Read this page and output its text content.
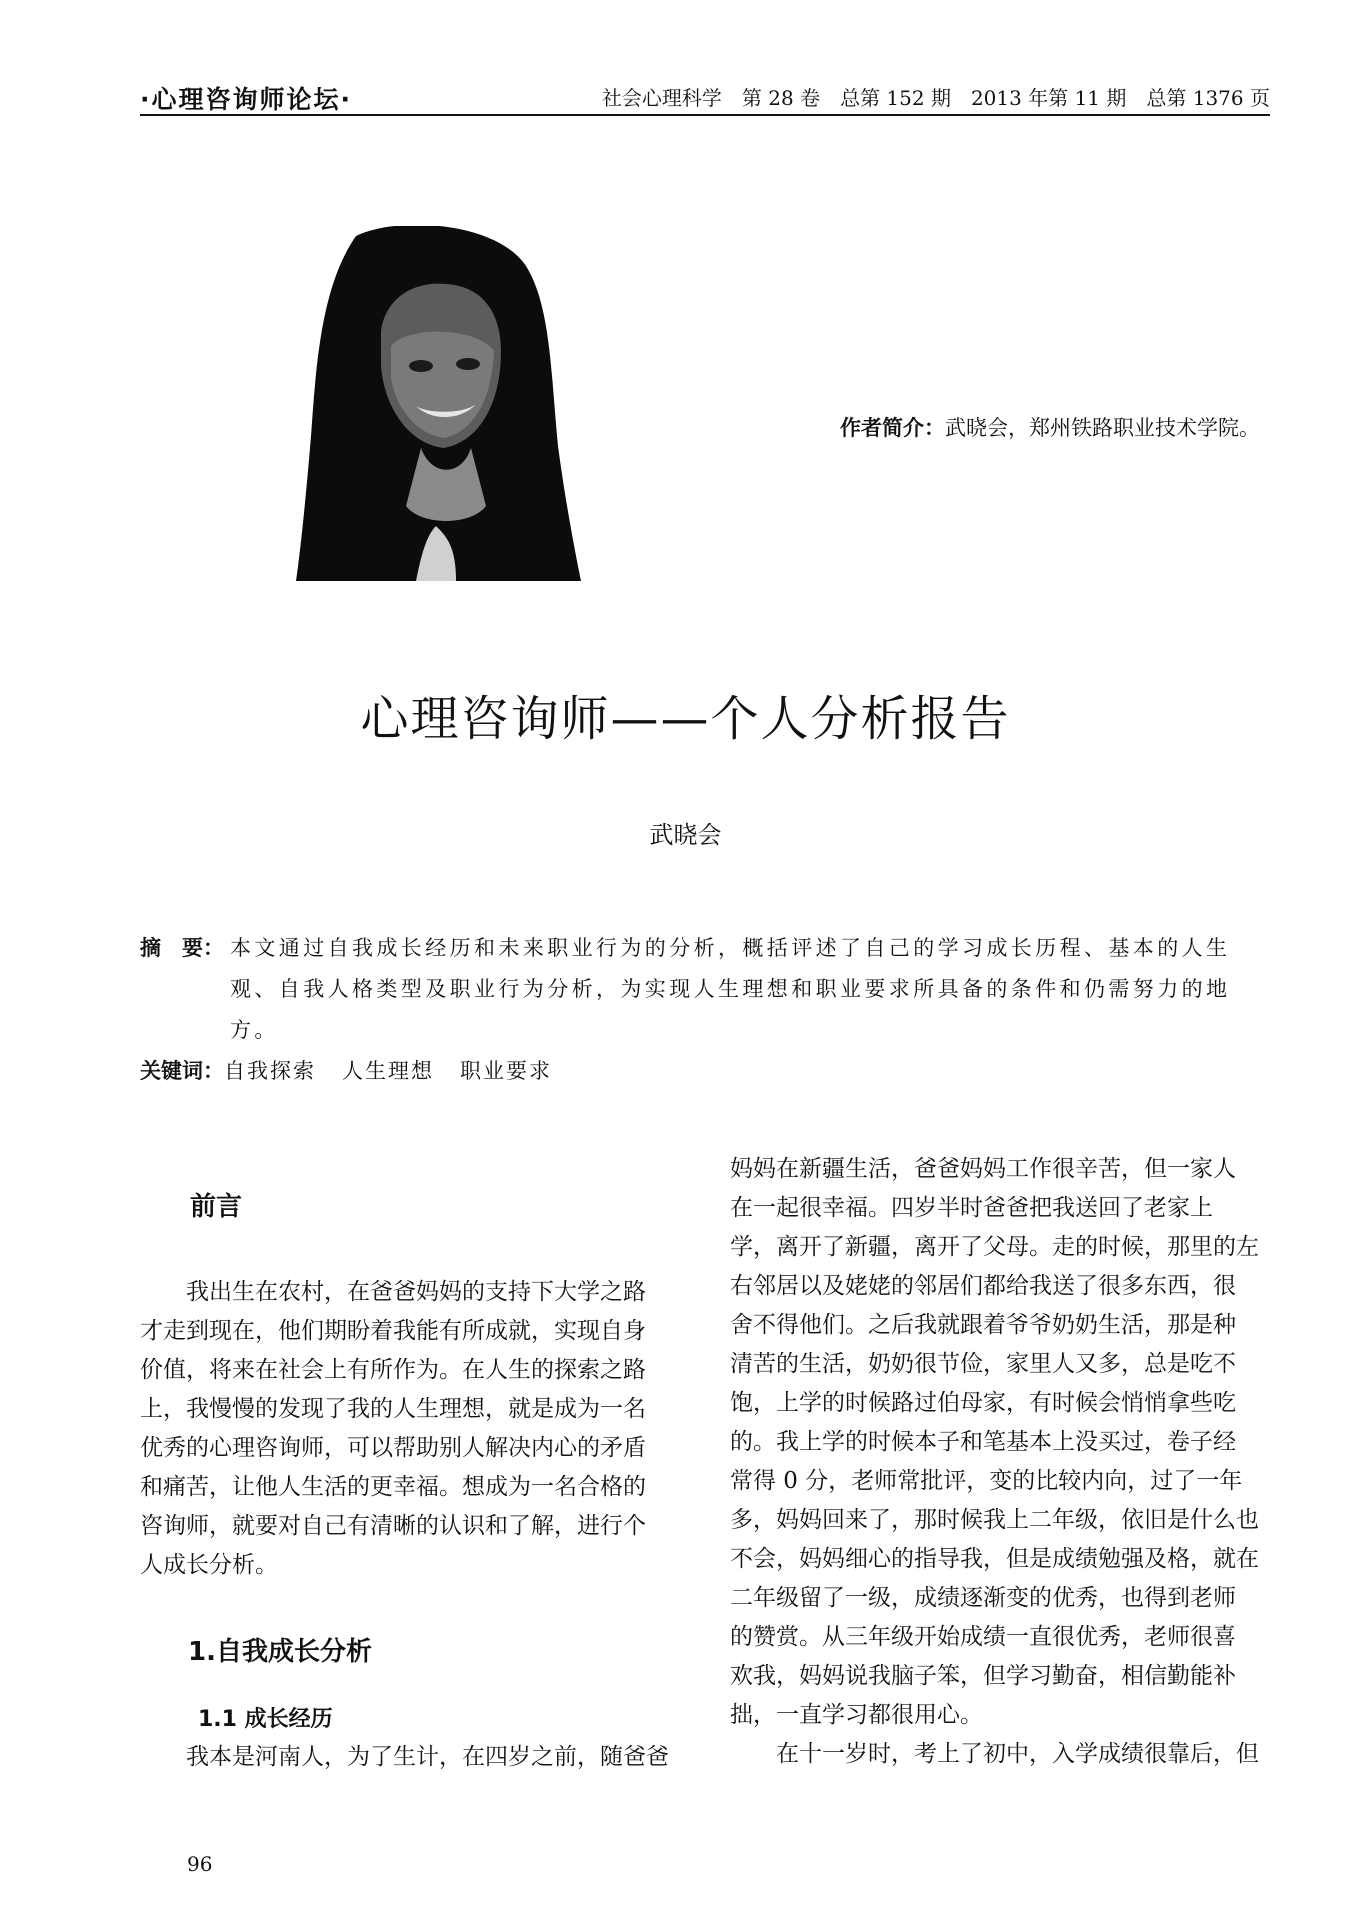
·心理咨询师论坛·	社会心理科学　第 28 卷　总第 152 期　2013 年第 11 期　总第 1376 页
作者简介：武晓会，郑州铁路职业技术学院。
心理咨询师——个人分析报告
武晓会
摘　要： 本文通过自我成长经历和未来职业行为的分析，概括评述了自己的学习成长历程、基本的人生
观、自我人格类型及职业行为分析，为实现人生理想和职业要求所具备的条件和仍需努力的地
方。
关键词：自我探索 人生理想 职业要求
前言
我出生在农村，在爸爸妈妈的支持下大学之路
才走到现在，他们期盼着我能有所成就，实现自身
价值，将来在社会上有所作为。在人生的探索之路
上，我慢慢的发现了我的人生理想，就是成为一名
优秀的心理咨询师，可以帮助别人解决内心的矛盾
和痛苦，让他人生活的更幸福。想成为一名合格的
咨询师，就要对自己有清晰的认识和了解，进行个
人成长分析。
1.自我成长分析
1.1 成长经历
我本是河南人，为了生计，在四岁之前，随爸爸
妈妈在新疆生活，爸爸妈妈工作很辛苦，但一家人
在一起很幸福。四岁半时爸爸把我送回了老家上
学，离开了新疆，离开了父母。走的时候，那里的左
右邻居以及姥姥的邻居们都给我送了很多东西，很
舍不得他们。之后我就跟着爷爷奶奶生活，那是种
清苦的生活，奶奶很节俭，家里人又多，总是吃不
饱，上学的时候路过伯母家，有时候会悄悄拿些吃
的。我上学的时候本子和笔基本上没买过，卷子经
常得 0 分，老师常批评，变的比较内向，过了一年
多，妈妈回来了，那时候我上二年级，依旧是什么也
不会，妈妈细心的指导我，但是成绩勉强及格，就在
二年级留了一级，成绩逐渐变的优秀，也得到老师
的赞赏。从三年级开始成绩一直很优秀，老师很喜
欢我，妈妈说我脑子笨，但学习勤奋，相信勤能补
拙，一直学习都很用心。
在十一岁时，考上了初中，入学成绩很靠后，但
96
